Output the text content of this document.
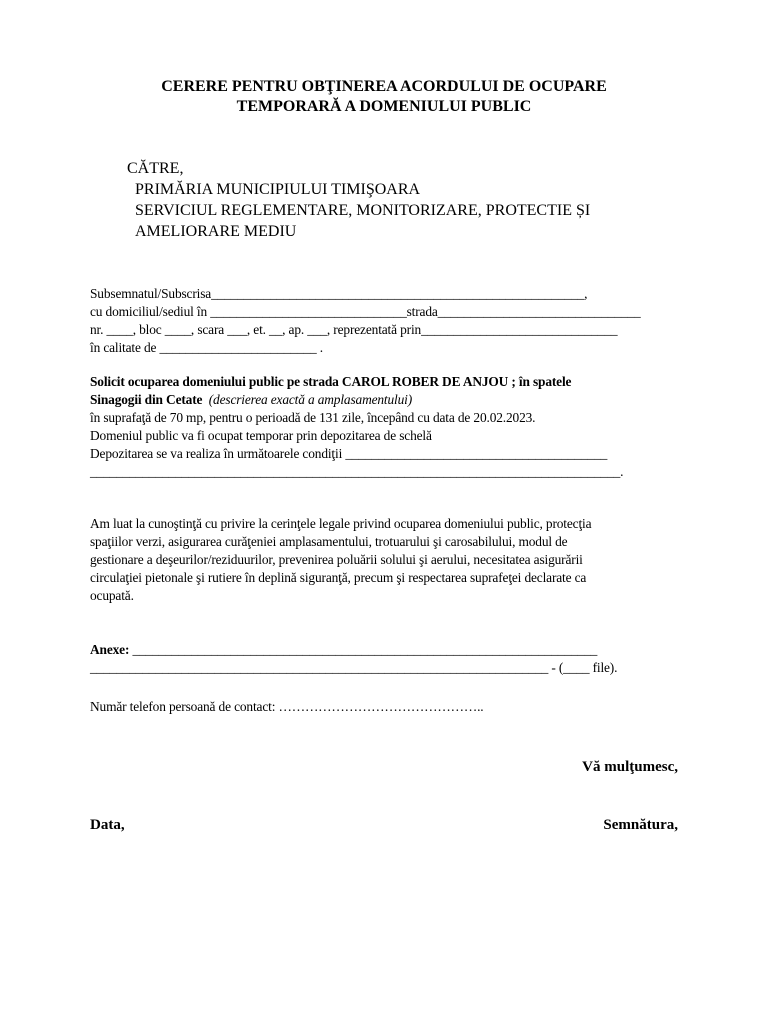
CERERE PENTRU OBŢINEREA ACORDULUI DE OCUPARE
TEMPORARĂ A DOMENIULUI PUBLIC
CĂTRE,
PRIMĂRIA MUNICIPIULUI TIMIŞOARA
SERVICIUL REGLEMENTARE, MONITORIZARE, PROTECTIE ȘI
AMELIORARE MEDIU
Subsemnatul/Subscrisa_________________________________________________________,
cu domiciliul/sediul în ______________________________strada_______________________________
nr. ____, bloc ____, scara ___, et. __, ap. ___, reprezentată prin______________________________
în calitate de ________________________ .
Solicit ocuparea domeniului public pe strada CAROL ROBER DE ANJOU ; în spatele
Sinagogii din Cetate (descrierea exactă a amplasamentului)
în suprafaţă de 70 mp, pentru o perioadă de 131 zile, începând cu data de 20.02.2023.
Domeniul public va fi ocupat temporar prin depozitarea de schelă
Depozitarea se va realiza în următoarele condiţii ________________________________________
_________________________________________________________________________________.
Am luat la cunoştinţă cu privire la cerinţele legale privind ocuparea domeniului public, protecţia
spaţiilor verzi, asigurarea curăţeniei amplasamentului, trotuarului şi carosabilului, modul de
gestionare a deşeurilor/reziduurilor, prevenirea poluării solului şi aerului, necesitatea asigurării
circulaţiei pietonale şi rutiere în deplină siguranţă, precum şi respectarea suprafeţei declarate ca
ocupată.
Anexe: _______________________________________________________________________
______________________________________________________________________ - (____ file).
Număr telefon persoană de contact: ………………………………………..
Vă mulţumesc,
Data,	Semnătura,
